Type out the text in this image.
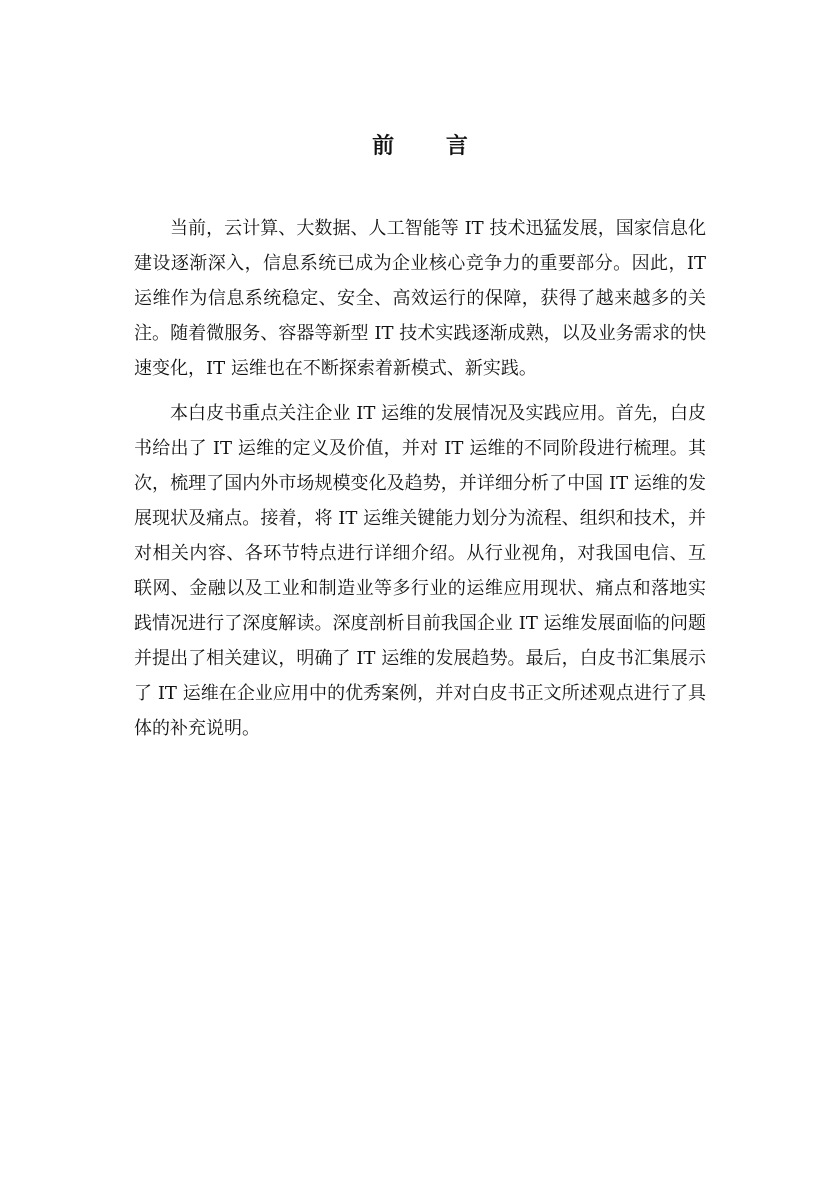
前 言

当前，云计算、大数据、人工智能等 IT 技术迅猛发展，国家信息化建设逐渐深入，信息系统已成为企业核心竞争力的重要部分。因此，IT 运维作为信息系统稳定、安全、高效运行的保障，获得了越来越多的关注。随着微服务、容器等新型 IT 技术实践逐渐成熟，以及业务需求的快速变化，IT 运维也在不断探索着新模式、新实践。

本白皮书重点关注企业 IT 运维的发展情况及实践应用。首先，白皮书给出了 IT 运维的定义及价值，并对 IT 运维的不同阶段进行梳理。其次，梳理了国内外市场规模变化及趋势，并详细分析了中国 IT 运维的发展现状及痛点。接着，将 IT 运维关键能力划分为流程、组织和技术，并对相关内容、各环节特点进行详细介绍。从行业视角，对我国电信、互联网、金融以及工业和制造业等多行业的运维应用现状、痛点和落地实践情况进行了深度解读。深度剖析目前我国企业 IT 运维发展面临的问题并提出了相关建议，明确了 IT 运维的发展趋势。最后，白皮书汇集展示了 IT 运维在企业应用中的优秀案例，并对白皮书正文所述观点进行了具体的补充说明。
